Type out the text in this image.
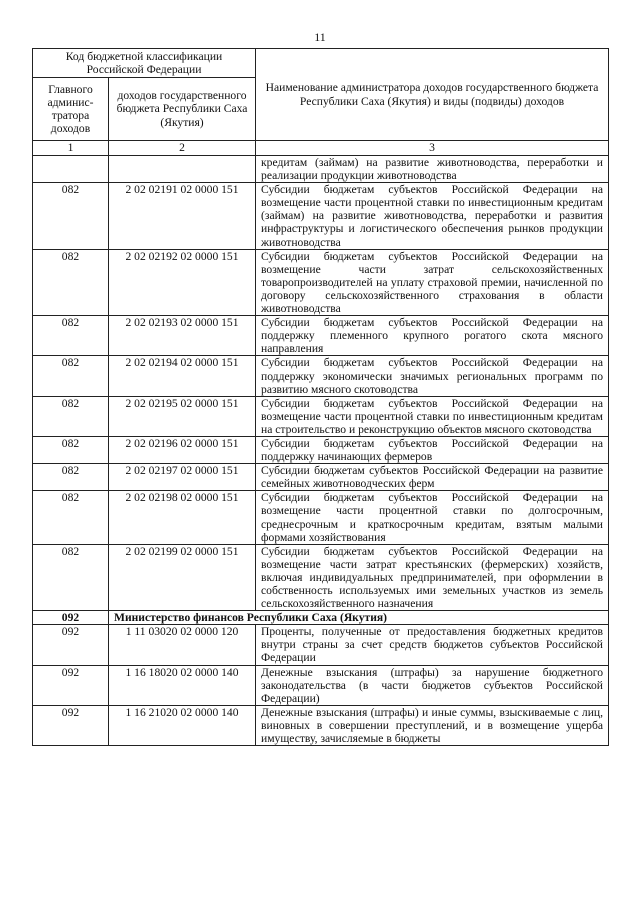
11
Код бюджетной классификации Российской Федерации		Наименование администратора доходов государственного бюджета Республики Саха (Якутия) и виды (подвиды) доходов
Главного админис- тратора доходов	доходов государственного бюджета Республики Саха (Якутия)	
1	2	3
		кредитам (займам) на развитие животноводства, переработки и реализации продукции животноводства
082	2 02 02191 02 0000 151	Субсидии бюджетам субъектов Российской Федерации на возмещение части процентной ставки по инвестиционным кредитам (займам) на развитие животноводства, переработки и развития инфраструктуры и логистического обеспечения рынков продукции животноводства
082	2 02 02192 02 0000 151	Субсидии бюджетам субъектов Российской Федерации на возмещение части затрат сельскохозяйственных товаропроизводителей на уплату страховой премии, начисленной по договору сельскохозяйственного страхования в области животноводства
082	2 02 02193 02 0000 151	Субсидии бюджетам субъектов Российской Федерации на поддержку племенного крупного рогатого скота мясного направления
082	2 02 02194 02 0000 151	Субсидии бюджетам субъектов Российской Федерации на поддержку экономически значимых региональных программ по развитию мясного скотоводства
082	2 02 02195 02 0000 151	Субсидии бюджетам субъектов Российской Федерации на возмещение части процентной ставки по инвестиционным кредитам на строительство и реконструкцию объектов мясного скотоводства
082	2 02 02196 02 0000 151	Субсидии бюджетам субъектов Российской Федерации на поддержку начинающих фермеров
082	2 02 02197 02 0000 151	Субсидии бюджетам субъектов Российской Федерации на развитие семейных животноводческих ферм
082	2 02 02198 02 0000 151	Субсидии бюджетам субъектов Российской Федерации на возмещение части процентной ставки по долгосрочным, среднесрочным и краткосрочным кредитам, взятым малыми формами хозяйствования
082	2 02 02199 02 0000 151	Субсидии бюджетам субъектов Российской Федерации на возмещение части затрат крестьянских (фермерских) хозяйств, включая индивидуальных предпринимателей, при оформлении в собственность используемых ими земельных участков из земель сельскохозяйственного назначения
092	Министерство финансов Республики Саха (Якутия)	
092	1 11 03020 02 0000 120	Проценты, полученные от предоставления бюджетных кредитов внутри страны за счет средств бюджетов субъектов Российской Федерации
092	1 16 18020 02 0000 140	Денежные взыскания (штрафы) за нарушение бюджетного законодательства (в части бюджетов субъектов Российской Федерации)
092	1 16 21020 02 0000 140	Денежные взыскания (штрафы) и иные суммы, взыскиваемые с лиц, виновных в совершении преступлений, и в возмещение ущерба имуществу, зачисляемые в бюджеты
